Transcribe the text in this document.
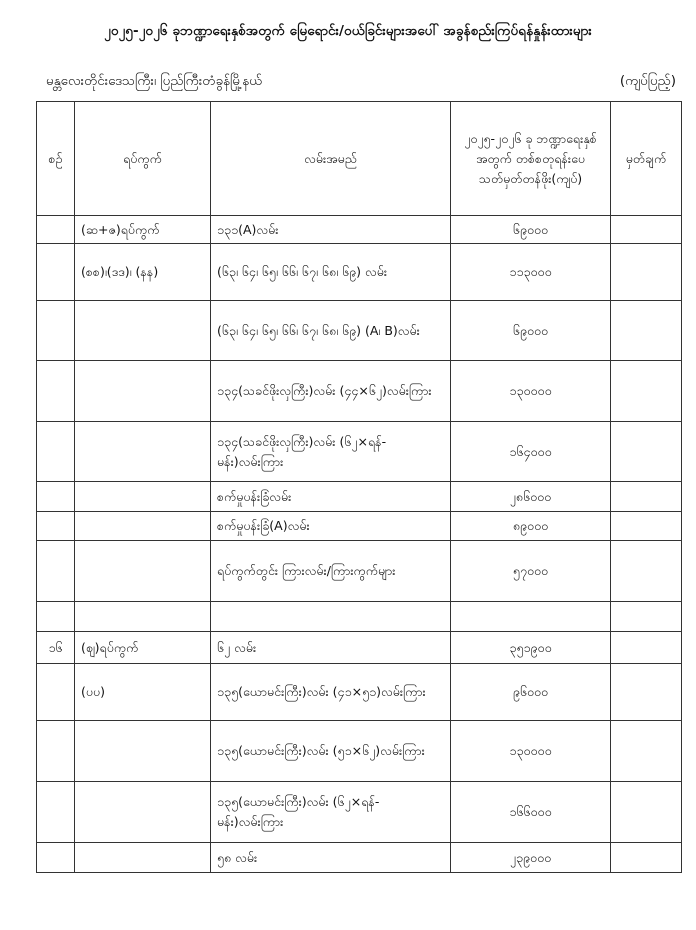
၂၀၂၅-၂၀၂၆ ခုဘဏ္ဍာရေးနှစ်အတွက် မြေရောင်း/ဝယ်ခြင်းများအပေါ် အခွန်စည်းကြပ်ရန်နှုန်းထားများ
မန္တလေးတိုင်းဒေသကြီး၊ ပြည်ကြီးတံခွန်မြို့နယ်	(ကျပ်ပြည့်)
စဉ်	ရပ်ကွက်	လမ်းအမည်	၂၀၂၅-၂၀၂၆ ခု ဘဏ္ဍာရေးနှစ်အတွက် တစ်စတုရန်းပေ သတ်မှတ်တန်ဖိုး(ကျပ်)	မှတ်ချက်
	(ဆ+ဇ)ရပ်ကွက်	၁၃၁(A)လမ်း	၆၉၀၀၀	
	(စစ)၊(ဒဒ)၊ (နန)	(၆၃၊ ၆၄၊ ၆၅၊ ၆၆၊ ၆၇၊ ၆၈၊ ၆၉) လမ်း	၁၁၃၀၀၀	
		(၆၃၊ ၆၄၊ ၆၅၊ ၆၆၊ ၆၇၊ ၆၈၊ ၆၉) (A၊ B)လမ်း	၆၉၀၀၀	
		၁၃၄(သခင်ဖိုးလှကြီး)လမ်း (၄၄×၆၂)လမ်းကြား	၁၃၀၀၀၀	
		၁၃၄(သခင်ဖိုးလှကြီး)လမ်း (၆၂×ရန်-မန်း)လမ်းကြား	၁၆၄၀၀၀	
		စက်မှုပန်းခြံလမ်း	၂၈၆၀၀၀	
		စက်မှုပန်းခြံ(A)လမ်း	၈၉၀၀၀	
		ရပ်ကွက်တွင်း ကြားလမ်း/ကြားကွက်များ	၅၇၀၀၀	

၁၆	(ဈ)ရပ်ကွက်	၆၂ လမ်း	၃၅၁၉၀၀	
	(ပပ)	၁၃၅(ယောမင်းကြီး)လမ်း (၄၁×၅၁)လမ်းကြား	၉၆၀၀၀	
		၁၃၅(ယောမင်းကြီး)လမ်း (၅၁×၆၂)လမ်းကြား	၁၃၀၀၀၀	
		၁၃၅(ယောမင်းကြီး)လမ်း (၆၂×ရန်-မန်း)လမ်းကြား	၁၆၆၀၀၀	
		၅၈ လမ်း	၂၃၉၀၀၀	
